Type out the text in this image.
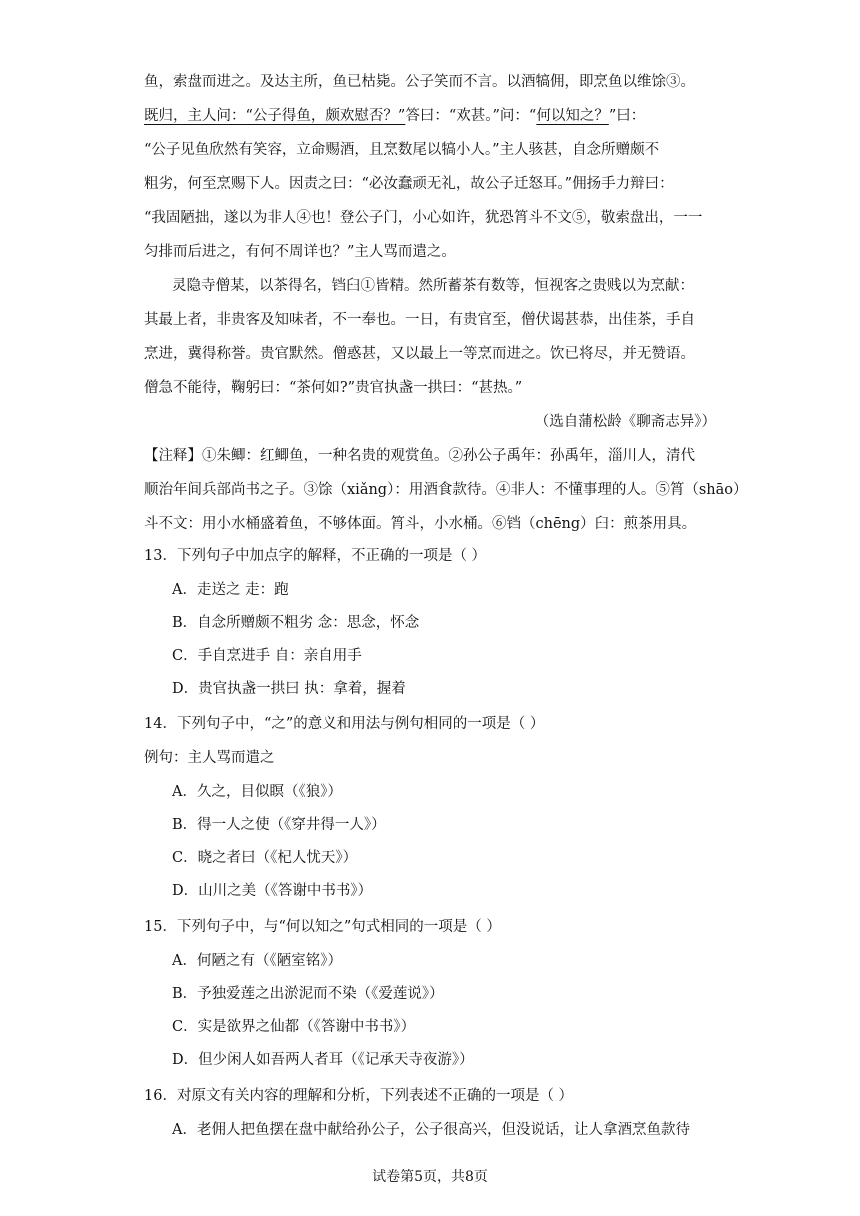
鱼，索盘而进之。及达主所，鱼已枯毙。公子笑而不言。以酒犒佣，即烹鱼以维馀③。
既归，主人问：“公子得鱼，颇欢慰否？”答曰：“欢甚。”问：“何以知之？”曰：
“公子见鱼欣然有笑容，立命赐酒，且烹数尾以犒小人。”主人骇甚，自念所赠颇不
粗劣，何至烹赐下人。因责之曰：“必汝蠢顽无礼，故公子迁怒耳。”佣扬手力辩曰：
“我固陋拙，遂以为非人④也！登公子门，小心如许，犹恐筲斗不文⑤，敬索盘出，一一
匀排而后进之，有何不周详也？”主人骂而遣之。
灵隐寺僧某，以茶得名，铛臼①皆精。然所蓄茶有数等，恒视客之贵贱以为烹献：
其最上者，非贵客及知味者，不一奉也。一日，有贵官至，僧伏谒甚恭，出佳茶，手自
烹进，冀得称誉。贵官默然。僧惑甚，又以最上一等烹而进之。饮已将尽，并无赞语。
僧急不能待，鞠躬曰：“茶何如?”贵官执盏一拱曰：“甚热。”
（选自蒲松龄《聊斋志异》）
【注释】①朱鲫：红鲫鱼，一种名贵的观赏鱼。②孙公子禹年：孙禹年，淄川人，清代
顺治年间兵部尚书之子。③馀（xiǎng）：用酒食款待。④非人：不懂事理的人。⑤筲（shāo）
斗不文：用小水桶盛着鱼，不够体面。筲斗，小水桶。⑥铛（chēng）臼：煎茶用具。
13．下列句子中加点字的解释，不正确的一项是（ ）
A．走送之 走：跑
B．自念所赠颇不粗劣 念：思念，怀念
C．手自烹进手 自：亲自用手
D．贵官执盏一拱曰 执：拿着，握着
14．下列句子中，“之”的意义和用法与例句相同的一项是（ ）
例句：主人骂而遣之
A．久之，目似瞑（《狼》）
B．得一人之使（《穿井得一人》）
C．晓之者曰（《杞人忧天》）
D．山川之美（《答谢中书书》）
15．下列句子中，与“何以知之”句式相同的一项是（ ）
A．何陋之有（《陋室铭》）
B．予独爱莲之出淤泥而不染（《爱莲说》）
C．实是欲界之仙都（《答谢中书书》）
D．但少闲人如吾两人者耳（《记承天寺夜游》）
16．对原文有关内容的理解和分析，下列表述不正确的一项是（ ）
A．老佣人把鱼摆在盘中献给孙公子，公子很高兴，但没说话，让人拿酒烹鱼款待
试卷第5页，共8页
